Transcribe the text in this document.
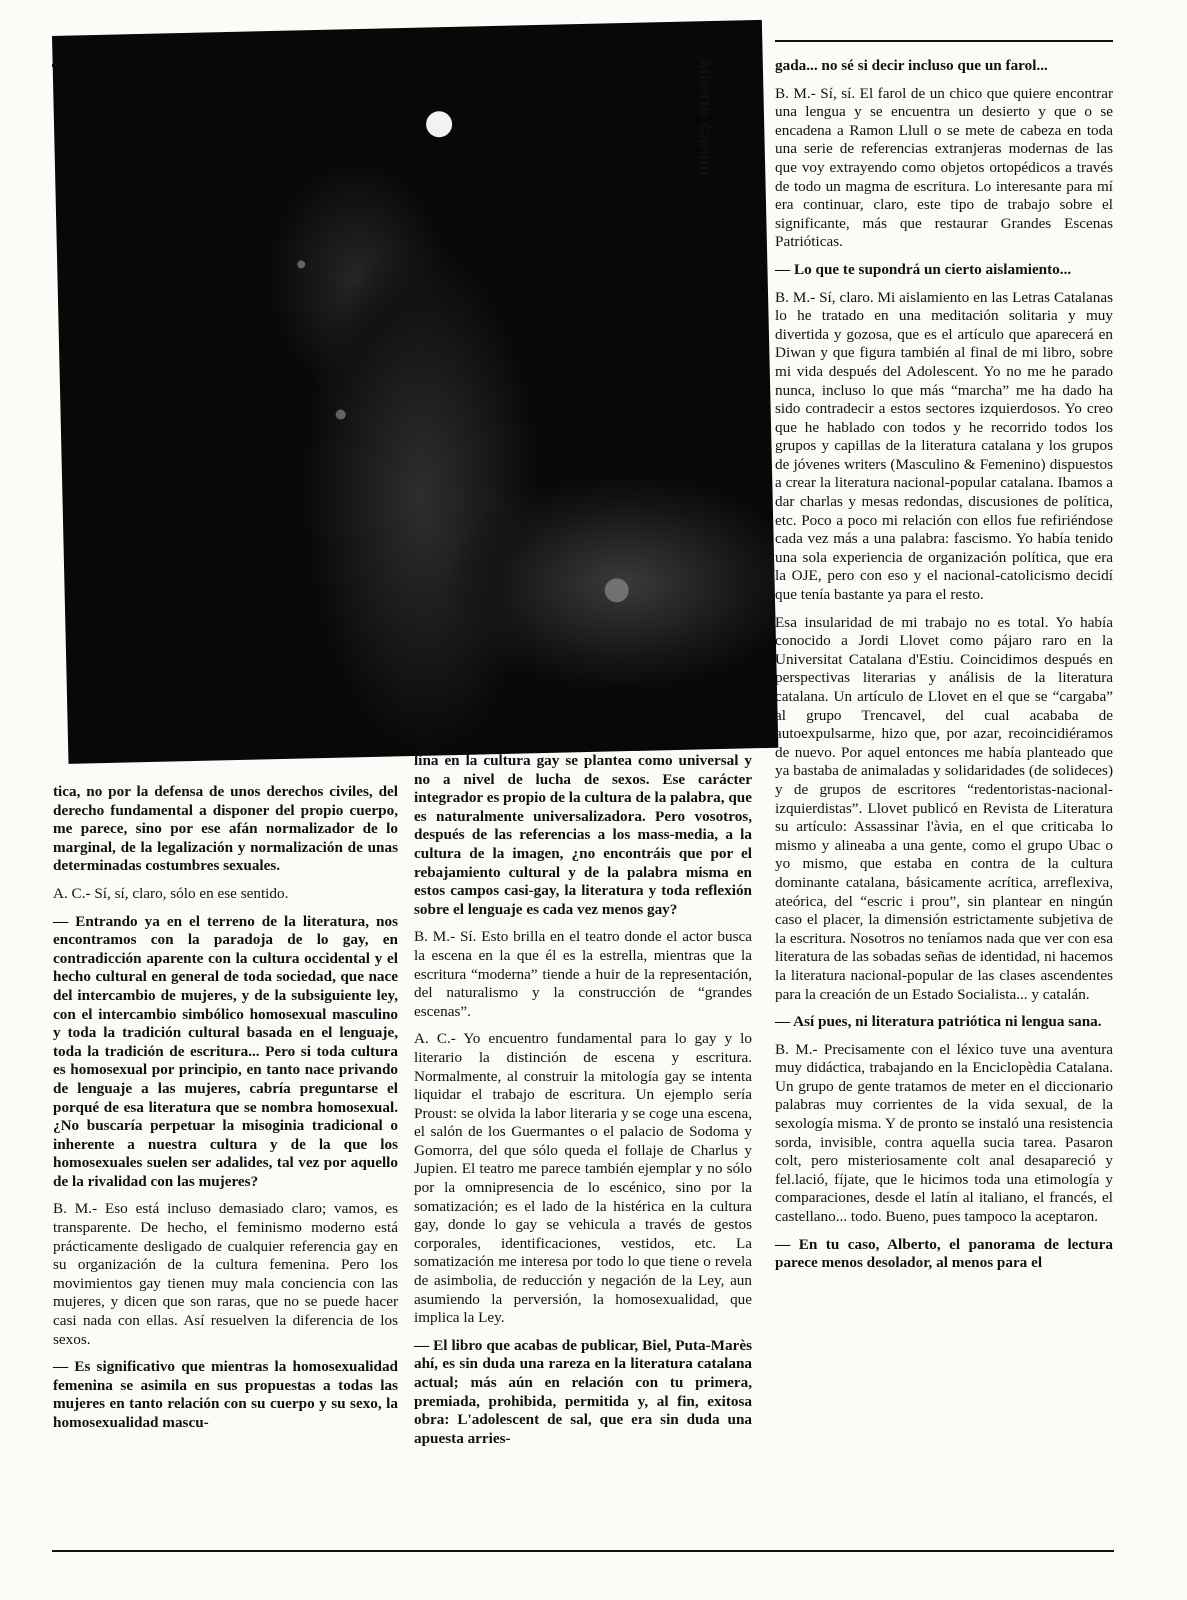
Alberto Cardín

tica, no por la defensa de unos derechos civiles, del derecho fundamental a disponer del propio cuerpo, me parece, sino por ese afán normalizador de lo marginal, de la legalización y normalización de unas determinadas costumbres sexuales.

A. C.- Sí, sí, claro, sólo en ese sentido.

— Entrando ya en el terreno de la literatura, nos encontramos con la paradoja de lo gay, en contradicción aparente con la cultura occidental y el hecho cultural en general de toda sociedad, que nace del intercambio de mujeres, y de la subsiguiente ley, con el intercambio simbólico homosexual masculino y toda la tradición cultural basada en el lenguaje, toda la tradición de escritura... Pero si toda cultura es homosexual por principio, en tanto nace privando de lenguaje a las mujeres, cabría preguntarse el porqué de esa literatura que se nombra homosexual. ¿No buscaría perpetuar la misoginia tradicional o inherente a nuestra cultura y de la que los homosexuales suelen ser adalides, tal vez por aquello de la rivalidad con las mujeres?

B. M.- Eso está incluso demasiado claro; vamos, es transparente. De hecho, el feminismo moderno está prácticamente desligado de cualquier referencia gay en su organización de la cultura femenina. Pero los movimientos gay tienen muy mala conciencia con las mujeres, y dicen que son raras, que no se puede hacer casi nada con ellas. Así resuelven la diferencia de los sexos.

— Es significativo que mientras la homosexualidad femenina se asimila en sus propuestas a todas las mujeres en tanto relación con su cuerpo y su sexo, la homosexualidad mascu-

lina en la cultura gay se plantea como universal y no a nivel de lucha de sexos. Ese carácter integrador es propio de la cultura de la palabra, que es naturalmente universalizadora. Pero vosotros, después de las referencias a los mass-media, a la cultura de la imagen, ¿no encontráis que por el rebajamiento cultural y de la palabra misma en estos campos casi-gay, la literatura y toda reflexión sobre el lenguaje es cada vez menos gay?

B. M.- Sí. Esto brilla en el teatro donde el actor busca la escena en la que él es la estrella, mientras que la escritura “moderna” tiende a huir de la representación, del naturalismo y la construcción de “grandes escenas”.

A. C.- Yo encuentro fundamental para lo gay y lo literario la distinción de escena y escritura. Normalmente, al construir la mitología gay se intenta liquidar el trabajo de escritura. Un ejemplo sería Proust: se olvida la labor literaria y se coge una escena, el salón de los Guermantes o el palacio de Sodoma y Gomorra, del que sólo queda el follaje de Charlus y Jupien. El teatro me parece también ejemplar y no sólo por la omnipresencia de lo escénico, sino por la somatización; es el lado de la histérica en la cultura gay, donde lo gay se vehicula a través de gestos corporales, identificaciones, vestidos, etc. La somatización me interesa por todo lo que tiene o revela de asimbolia, de reducción y negación de la Ley, aun asumiendo la perversión, la homosexualidad, que implica la Ley.

— El libro que acabas de publicar, Biel, Puta-Marès ahí, es sin duda una rareza en la literatura catalana actual; más aún en relación con tu primera, premiada, prohibida, permitida y, al fin, exitosa obra: L'adolescent de sal, que era sin duda una apuesta arries-

gada... no sé si decir incluso que un farol...

B. M.- Sí, sí. El farol de un chico que quiere encontrar una lengua y se encuentra un desierto y que o se encadena a Ramon Llull o se mete de cabeza en toda una serie de referencias extranjeras modernas de las que voy extrayendo como objetos ortopédicos a través de todo un magma de escritura. Lo interesante para mí era continuar, claro, este tipo de trabajo sobre el significante, más que restaurar Grandes Escenas Patrióticas.

— Lo que te supondrá un cierto aislamiento...

B. M.- Sí, claro. Mi aislamiento en las Letras Catalanas lo he tratado en una meditación solitaria y muy divertida y gozosa, que es el artículo que aparecerá en Diwan y que figura también al final de mi libro, sobre mi vida después del Adolescent. Yo no me he parado nunca, incluso lo que más “marcha” me ha dado ha sido contradecir a estos sectores izquierdosos. Yo creo que he hablado con todos y he recorrido todos los grupos y capillas de la literatura catalana y los grupos de jóvenes writers (Masculino & Femenino) dispuestos a crear la literatura nacional-popular catalana. Ibamos a dar charlas y mesas redondas, discusiones de política, etc. Poco a poco mi relación con ellos fue refiriéndose cada vez más a una palabra: fascismo. Yo había tenido una sola experiencia de organización política, que era la OJE, pero con eso y el nacional-catolicismo decidí que tenía bastante ya para el resto.

Esa insularidad de mi trabajo no es total. Yo había conocido a Jordi Llovet como pájaro raro en la Universitat Catalana d'Estiu. Coincidimos después en perspectivas literarias y análisis de la literatura catalana. Un artículo de Llovet en el que se “cargaba” al grupo Trencavel, del cual acababa de autoexpulsarme, hizo que, por azar, recoincidiéramos de nuevo. Por aquel entonces me había planteado que ya bastaba de animaladas y solidaridades (de solideces) y de grupos de escritores “redentoristas-nacional-izquierdistas”. Llovet publicó en Revista de Literatura su artículo: Assassinar l'àvia, en el que criticaba lo mismo y alineaba a una gente, como el grupo Ubac o yo mismo, que estaba en contra de la cultura dominante catalana, básicamente acrítica, arreflexiva, ateórica, del “escric i prou”, sin plantear en ningún caso el placer, la dimensión estrictamente subjetiva de la escritura. Nosotros no teníamos nada que ver con esa literatura de las sobadas señas de identidad, ni hacemos la literatura nacional-popular de las clases ascendentes para la creación de un Estado Socialista... y catalán.

— Así pues, ni literatura patriótica ni lengua sana.

B. M.- Precisamente con el léxico tuve una aventura muy didáctica, trabajando en la Enciclopèdia Catalana. Un grupo de gente tratamos de meter en el diccionario palabras muy corrientes de la vida sexual, de la sexología misma. Y de pronto se instaló una resistencia sorda, invisible, contra aquella sucia tarea. Pasaron colt, pero misteriosamente colt anal desapareció y fel.lació, fíjate, que le hicimos toda una etimología y comparaciones, desde el latín al italiano, el francés, el castellano... todo. Bueno, pues tampoco la aceptaron.

— En tu caso, Alberto, el panorama de lectura parece menos desolador, al menos para el
